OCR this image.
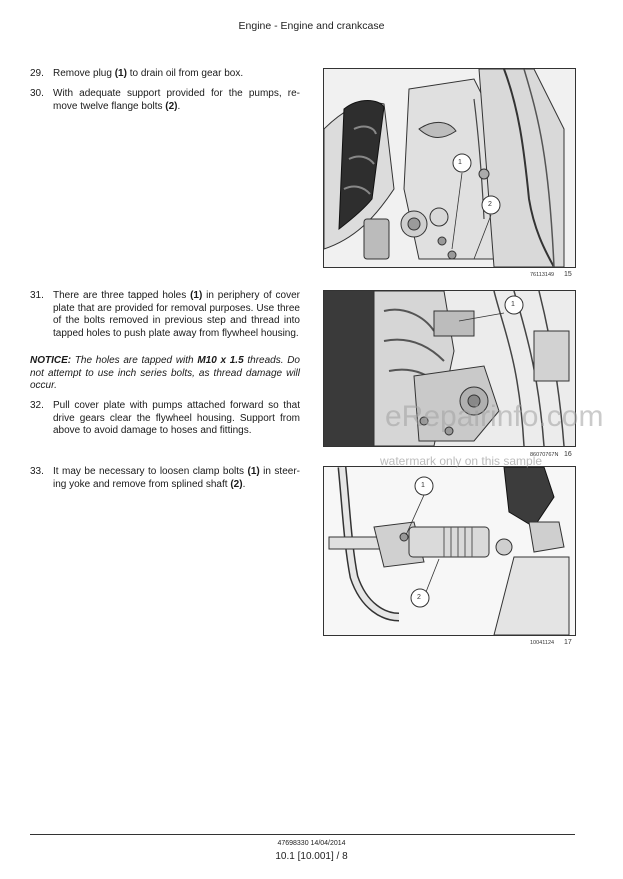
Engine - Engine and crankcase
29. Remove plug (1) to drain oil from gear box.
30. With adequate support provided for the pumps, re-move twelve flange bolts (2).
31. There are three tapped holes (1) in periphery of cover plate that are provided for removal purposes. Use three of the bolts removed in previous step and thread into tapped holes to push plate away from flywheel housing.
NOTICE: The holes are tapped with M10 x 1.5 threads. Do not attempt to use inch series bolts, as thread damage will occur.
32. Pull cover plate with pumps attached forward so that drive gears clear the flywheel housing. Support from above to avoid damage to hoses and fittings.
33. It may be necessary to loosen clamp bolts (1) in steer-ing yoke and remove from splined shaft (2).
1
2
76113149 15
1
86070767N 16
1
2
10041124 17
eRepairinfo.com
watermark only on this sample
47698330 14/04/2014
10.1 [10.001] / 8
